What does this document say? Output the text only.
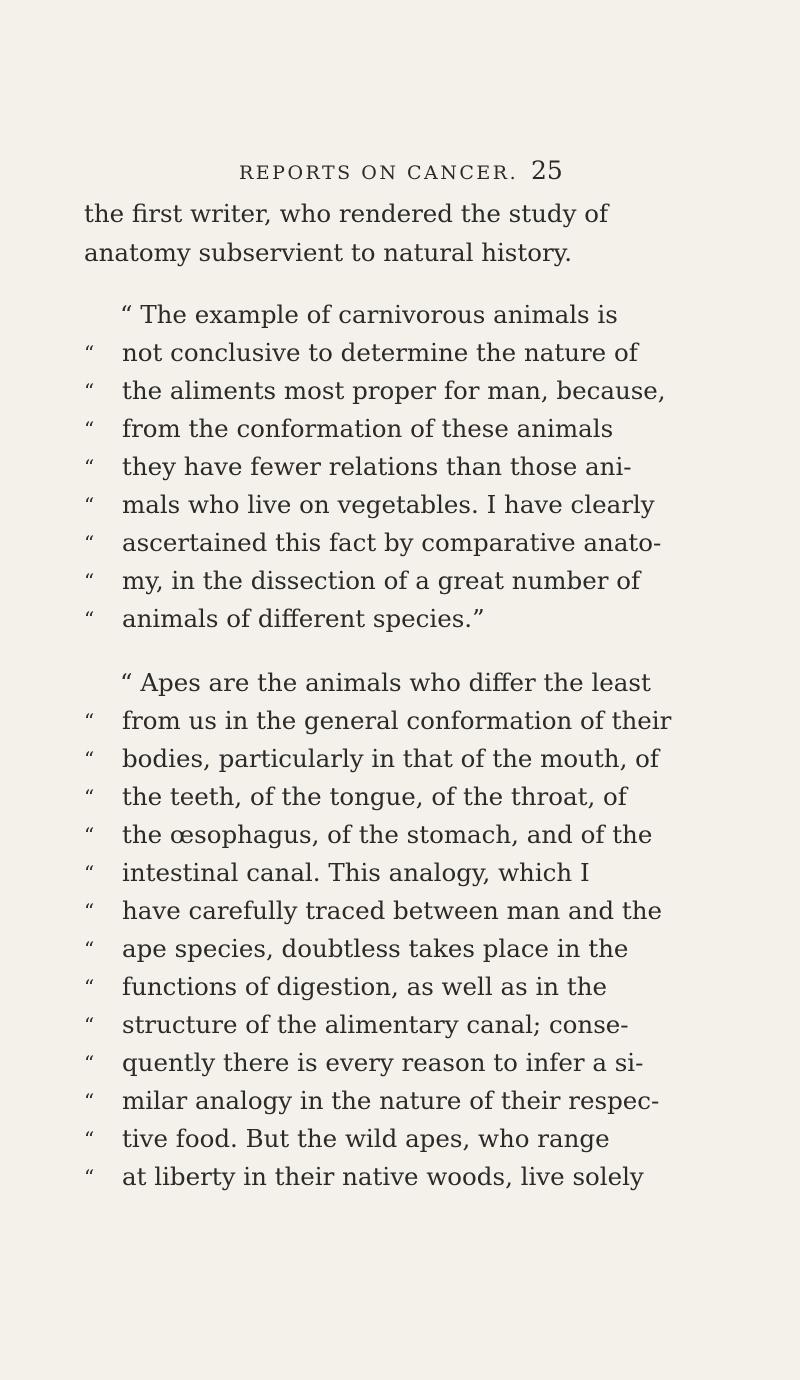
REPORTS ON CANCER. 25
the first writer, who rendered the study of
anatomy subservient to natural history.
“ The example of carnivorous animals is
“ not conclusive to determine the nature of
“ the aliments most proper for man, because,
“ from the conformation of these animals
“ they have fewer relations than those ani-
“ mals who live on vegetables. I have clearly
“ ascertained this fact by comparative anato-
“ my, in the dissection of a great number of
“ animals of different species.”
“ Apes are the animals who differ the least
“ from us in the general conformation of their
“ bodies, particularly in that of the mouth, of
“ the teeth, of the tongue, of the throat, of
“ the œsophagus, of the stomach, and of the
“ intestinal canal. This analogy, which I
“ have carefully traced between man and the
“ ape species, doubtless takes place in the
“ functions of digestion, as well as in the
“ structure of the alimentary canal; conse-
“ quently there is every reason to infer a si-
“ milar analogy in the nature of their respec-
“ tive food. But the wild apes, who range
“ at liberty in their native woods, live solely
